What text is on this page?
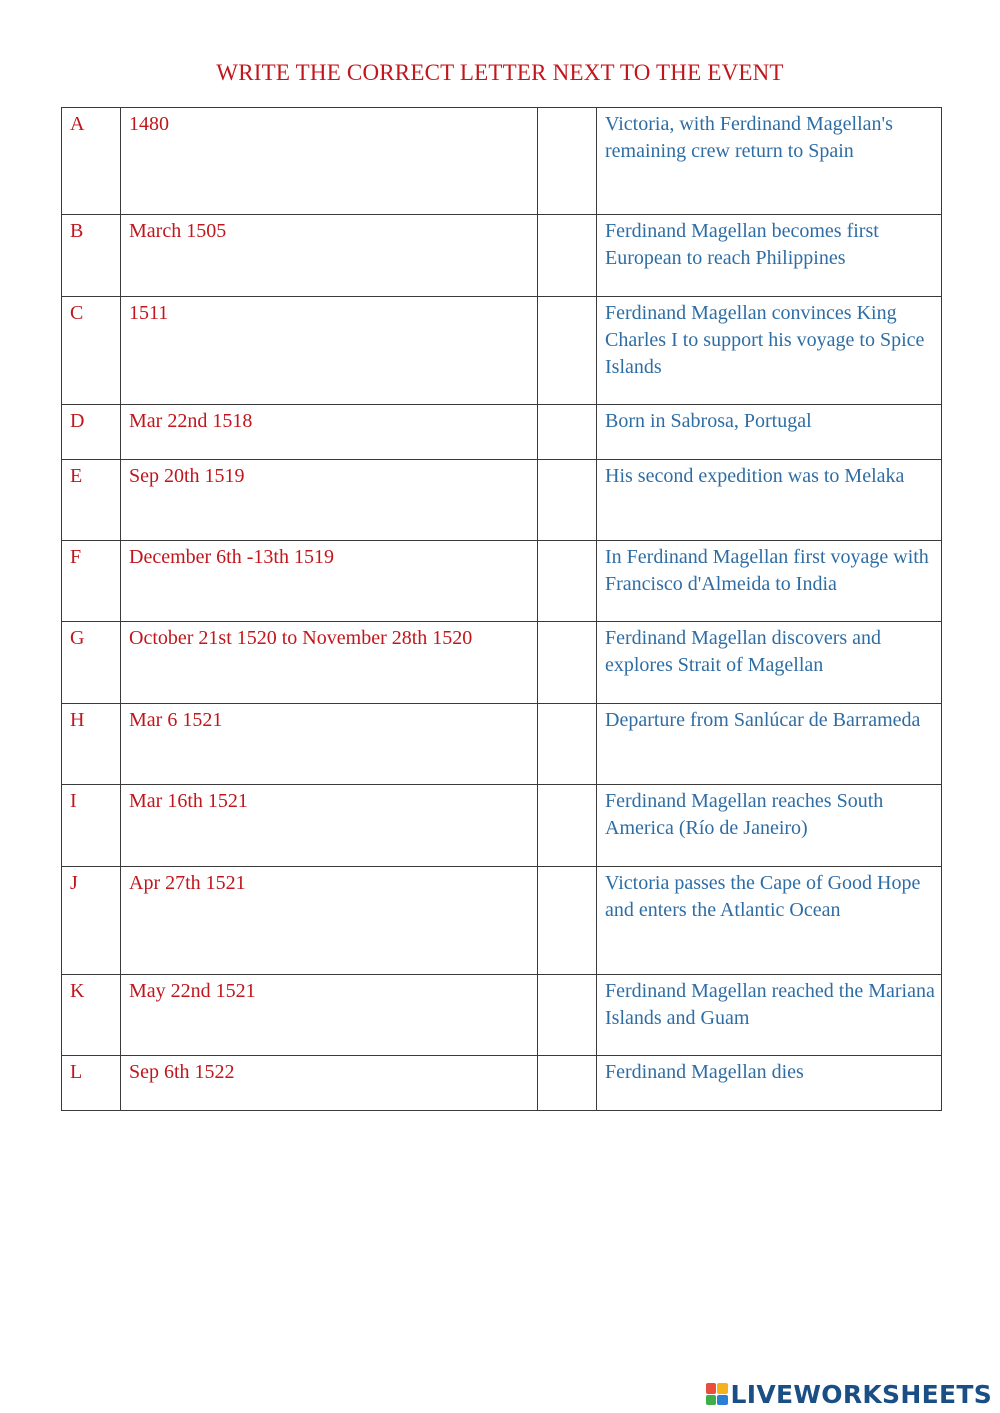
WRITE THE CORRECT LETTER NEXT TO THE EVENT
A	1480		Victoria, with Ferdinand Magellan's remaining crew return to Spain
B	March 1505		Ferdinand Magellan becomes first European to reach Philippines
C	1511		Ferdinand Magellan convinces King Charles I to support his voyage to Spice Islands
D	Mar 22nd 1518		Born in Sabrosa, Portugal
E	Sep 20th 1519		His second expedition was to Melaka
F	December 6th -13th 1519		In Ferdinand Magellan first voyage with Francisco d'Almeida to India
G	October 21st 1520 to November 28th 1520		Ferdinand Magellan discovers and explores Strait of Magellan
H	Mar 6 1521		Departure from Sanlúcar de Barrameda
I	Mar 16th 1521		Ferdinand Magellan reaches South America (Río de Janeiro)
J	Apr 27th 1521		Victoria passes the Cape of Good Hope and enters the Atlantic Ocean
K	May 22nd 1521		Ferdinand Magellan reached the Mariana Islands and Guam
L	Sep 6th 1522		Ferdinand Magellan dies
LIVEWORKSHEETS
